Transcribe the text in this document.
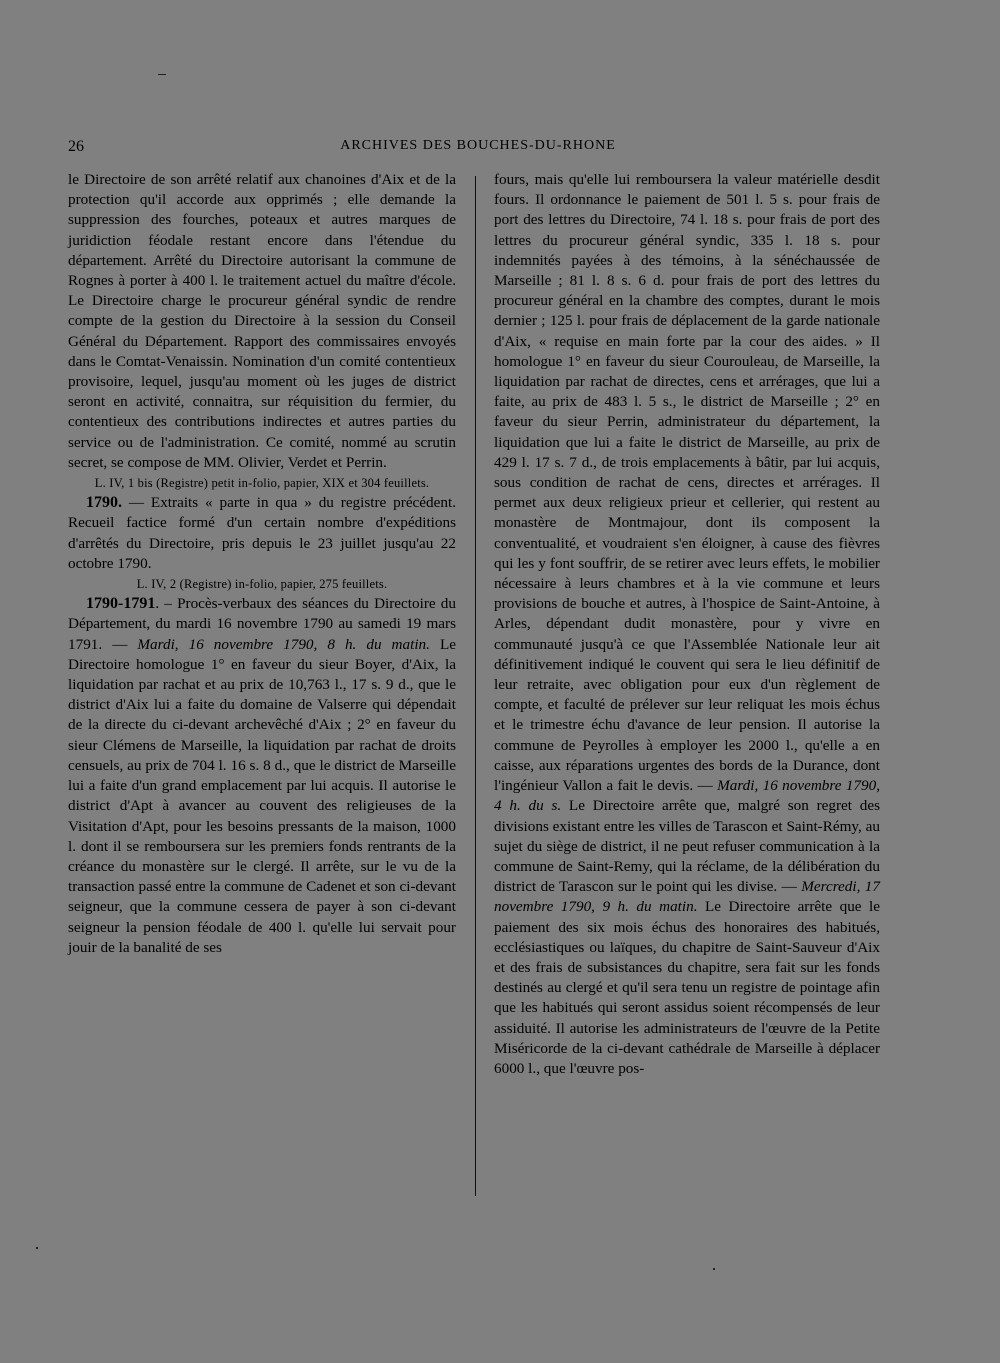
26	ARCHIVES DES BOUCHES-DU-RHONE

le Directoire de son arrêté relatif aux chanoines d'Aix et de la protection qu'il accorde aux opprimés ; elle demande la suppression des fourches, poteaux et autres marques de juridiction féodale restant encore dans l'étendue du département. Arrêté du Directoire autorisant la commune de Rognes à porter à 400 l. le traitement actuel du maître d'école. Le Directoire charge le procureur général syndic de rendre compte de la gestion du Directoire à la session du Conseil Général du Département. Rapport des commissaires envoyés dans le Comtat-Venaissin. Nomination d'un comité contentieux provisoire, lequel, jusqu'au moment où les juges de district seront en activité, connaitra, sur réquisition du fermier, du contentieux des contributions indirectes et autres parties du service ou de l'administration. Ce comité, nommé au scrutin secret, se compose de MM. Olivier, Verdet et Perrin.

L. IV, 1 bis (Registre) petit in-folio, papier, XIX et 304 feuillets.

1790. — Extraits « parte in qua » du registre précédent. Recueil factice formé d'un certain nombre d'expéditions d'arrêtés du Directoire, pris depuis le 23 juillet jusqu'au 22 octobre 1790.

L. IV, 2 (Registre) in-folio, papier, 275 feuillets.

1790-1791. – Procès-verbaux des séances du Directoire du Département, du mardi 16 novembre 1790 au samedi 19 mars 1791. — Mardi, 16 novembre 1790, 8 h. du matin. Le Directoire homologue 1° en faveur du sieur Boyer, d'Aix, la liquidation par rachat et au prix de 10,763 l., 17 s. 9 d., que le district d'Aix lui a faite du domaine de Valserre qui dépendait de la directe du ci-devant archevêché d'Aix ; 2° en faveur du sieur Clémens de Marseille, la liquidation par rachat de droits censuels, au prix de 704 l. 16 s. 8 d., que le district de Marseille lui a faite d'un grand emplacement par lui acquis. Il autorise le district d'Apt à avancer au couvent des religieuses de la Visitation d'Apt, pour les besoins pressants de la maison, 1000 l. dont il se remboursera sur les premiers fonds rentrants de la créance du monastère sur le clergé. Il arrête, sur le vu de la transaction passé entre la commune de Cadenet et son ci-devant seigneur, que la commune cessera de payer à son ci-devant seigneur la pension féodale de 400 l. qu'elle lui servait pour jouir de la banalité de ses

fours, mais qu'elle lui remboursera la valeur matérielle desdit fours. Il ordonnance le paiement de 501 l. 5 s. pour frais de port des lettres du Directoire, 74 l. 18 s. pour frais de port des lettres du procureur général syndic, 335 l. 18 s. pour indemnités payées à des témoins, à la sénéchaussée de Marseille ; 81 l. 8 s. 6 d. pour frais de port des lettres du procureur général en la chambre des comptes, durant le mois dernier ; 125 l. pour frais de déplacement de la garde nationale d'Aix, « requise en main forte par la cour des aides. » Il homologue 1° en faveur du sieur Courouleau, de Marseille, la liquidation par rachat de directes, cens et arrérages, que lui a faite, au prix de 483 l. 5 s., le district de Marseille ; 2° en faveur du sieur Perrin, administrateur du département, la liquidation que lui a faite le district de Marseille, au prix de 429 l. 17 s. 7 d., de trois emplacements à bâtir, par lui acquis, sous condition de rachat de cens, directes et arrérages. Il permet aux deux religieux prieur et cellerier, qui restent au monastère de Montmajour, dont ils composent la conventualité, et voudraient s'en éloigner, à cause des fièvres qui les y font souffrir, de se retirer avec leurs effets, le mobilier nécessaire à leurs chambres et à la vie commune et leurs provisions de bouche et autres, à l'hospice de Saint-Antoine, à Arles, dépendant dudit monastère, pour y vivre en communauté jusqu'à ce que l'Assemblée Nationale leur ait définitivement indiqué le couvent qui sera le lieu définitif de leur retraite, avec obligation pour eux d'un règlement de compte, et faculté de prélever sur leur reliquat les mois échus et le trimestre échu d'avance de leur pension. Il autorise la commune de Peyrolles à employer les 2000 l., qu'elle a en caisse, aux réparations urgentes des bords de la Durance, dont l'ingénieur Vallon a fait le devis. — Mardi, 16 novembre 1790, 4 h. du s. Le Directoire arrête que, malgré son regret des divisions existant entre les villes de Tarascon et Saint-Rémy, au sujet du siège de district, il ne peut refuser communication à la commune de Saint-Remy, qui la réclame, de la délibération du district de Tarascon sur le point qui les divise. — Mercredi, 17 novembre 1790, 9 h. du matin. Le Directoire arrête que le paiement des six mois échus des honoraires des habitués, ecclésiastiques ou laïques, du chapitre de Saint-Sauveur d'Aix et des frais de subsistances du chapitre, sera fait sur les fonds destinés au clergé et qu'il sera tenu un registre de pointage afin que les habitués qui seront assidus soient récompensés de leur assiduité. Il autorise les administrateurs de l'œuvre de la Petite Miséricorde de la ci-devant cathédrale de Marseille à déplacer 6000 l., que l'œuvre pos-
